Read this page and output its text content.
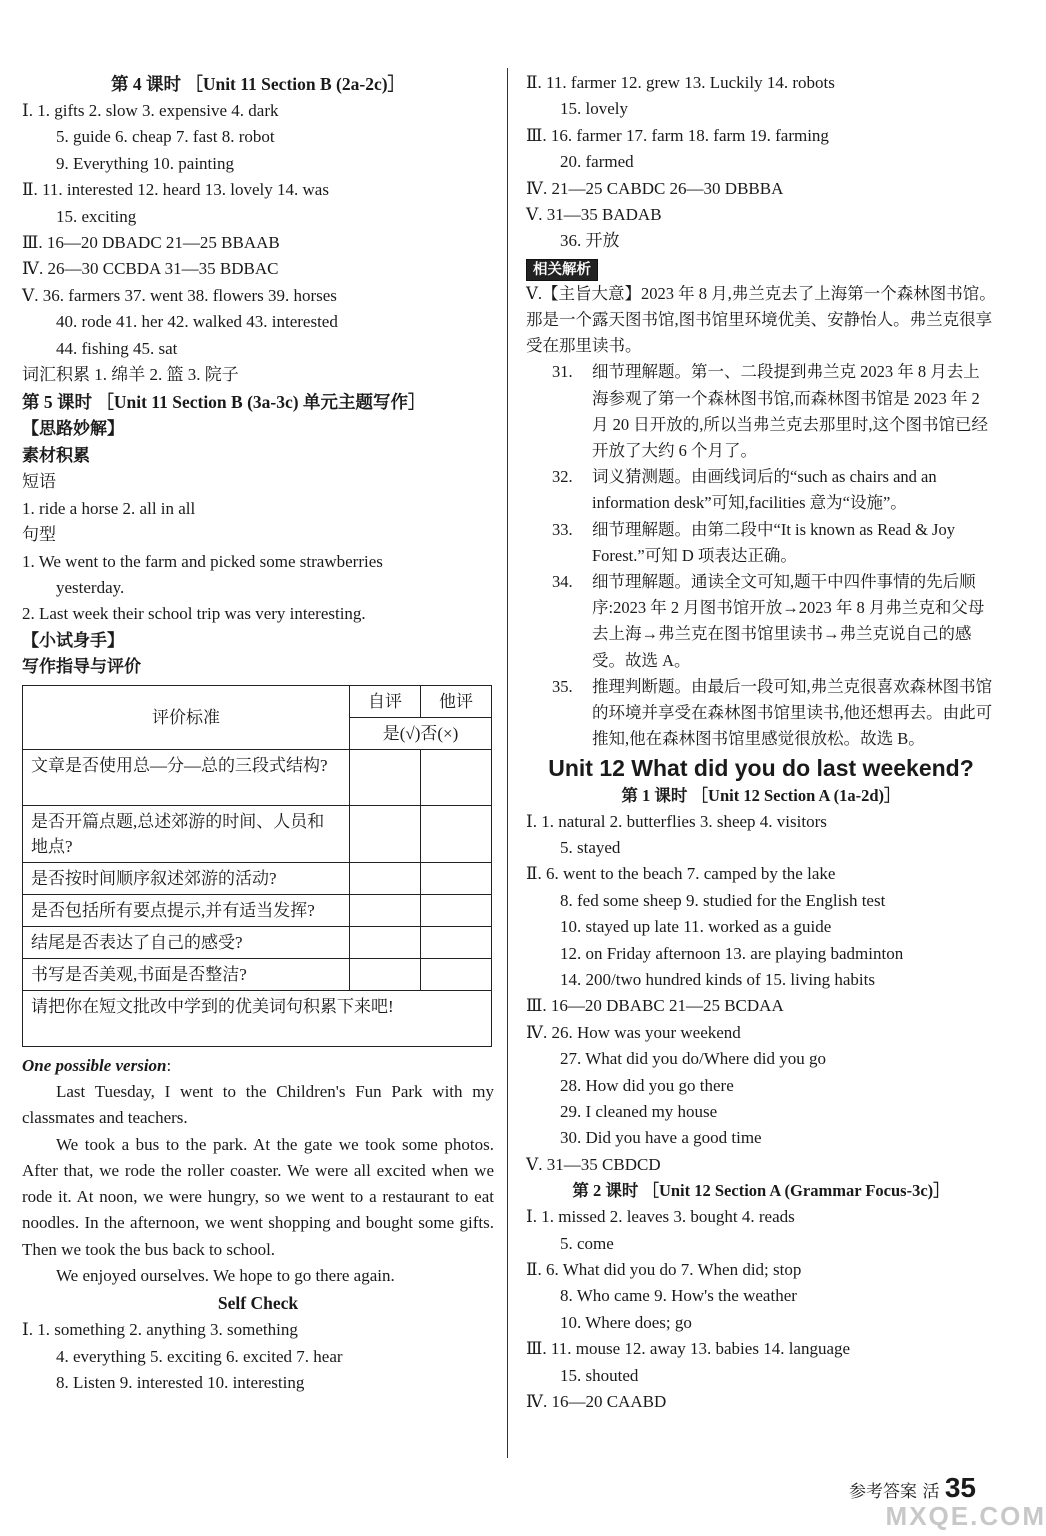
第 4 课时 ［Unit 11 Section B (2a-2c)］
Ⅰ. 1. gifts 2. slow 3. expensive 4. dark
5. guide 6. cheap 7. fast 8. robot
9. Everything 10. painting
Ⅱ. 11. interested 12. heard 13. lovely 14. was
15. exciting
Ⅲ. 16—20 DBADC 21—25 BBAAB
Ⅳ. 26—30 CCBDA 31—35 BDBAC
Ⅴ. 36. farmers 37. went 38. flowers 39. horses
40. rode 41. her 42. walked 43. interested
44. fishing 45. sat
词汇积累 1. 绵羊 2. 篮 3. 院子
第 5 课时 ［Unit 11 Section B (3a-3c) 单元主题写作］
【思路妙解】
素材积累
短语
1. ride a horse 2. all in all
句型
1. We went to the farm and picked some strawberries
yesterday.
2. Last week their school trip was very interesting.
【小试身手】
写作指导与评价
评价标准	自评	他评
	是(√)否(×)	
文章是否使用总—分—总的三段式结构?		
是否开篇点题,总述郊游的时间、人员和地点?		
是否按时间顺序叙述郊游的活动?		
是否包括所有要点提示,并有适当发挥?		
结尾是否表达了自己的感受?		
书写是否美观,书面是否整洁?		
请把你在短文批改中学到的优美词句积累下来吧!		
One possible version:
Last Tuesday, I went to the Children's Fun Park with my classmates and teachers.
We took a bus to the park. At the gate we took some photos. After that, we rode the roller coaster. We were all excited when we rode it. At noon, we were hungry, so we went to a restaurant to eat noodles. In the afternoon, we went shopping and bought some gifts. Then we took the bus back to school.
We enjoyed ourselves. We hope to go there again.
Self Check
Ⅰ. 1. something 2. anything 3. something
4. everything 5. exciting 6. excited 7. hear
8. Listen 9. interested 10. interesting
Ⅱ. 11. farmer 12. grew 13. Luckily 14. robots
15. lovely
Ⅲ. 16. farmer 17. farm 18. farm 19. farming
20. farmed
Ⅳ. 21—25 CABDC 26—30 DBBBA
Ⅴ. 31—35 BADAB
36. 开放
相关解析
Ⅴ.【主旨大意】2023 年 8 月,弗兰克去了上海第一个森林图书馆。那是一个露天图书馆,图书馆里环境优美、安静怡人。弗兰克很享受在那里读书。
31.	细节理解题。第一、二段提到弗兰克 2023 年 8 月去上海参观了第一个森林图书馆,而森林图书馆是 2023 年 2 月 20 日开放的,所以当弗兰克去那里时,这个图书馆已经开放了大约 6 个月了。
32.	词义猜测题。由画线词后的“such as chairs and an information desk”可知,facilities 意为“设施”。
33.	细节理解题。由第二段中“It is known as Read & Joy Forest.”可知 D 项表达正确。
34.	细节理解题。通读全文可知,题干中四件事情的先后顺序:2023 年 2 月图书馆开放→2023 年 8 月弗兰克和父母去上海→弗兰克在图书馆里读书→弗兰克说自己的感受。故选 A。
35.	推理判断题。由最后一段可知,弗兰克很喜欢森林图书馆的环境并享受在森林图书馆里读书,他还想再去。由此可推知,他在森林图书馆里感觉很放松。故选 B。
Unit 12 What did you do last weekend?
第 1 课时 ［Unit 12 Section A (1a-2d)］
Ⅰ. 1. natural 2. butterflies 3. sheep 4. visitors
5. stayed
Ⅱ. 6. went to the beach 7. camped by the lake
8. fed some sheep 9. studied for the English test
10. stayed up late 11. worked as a guide
12. on Friday afternoon 13. are playing badminton
14. 200/two hundred kinds of 15. living habits
Ⅲ. 16—20 DBABC 21—25 BCDAA
Ⅳ. 26. How was your weekend
27. What did you do/Where did you go
28. How did you go there
29. I cleaned my house
30. Did you have a good time
Ⅴ. 31—35 CBDCD
第 2 课时 ［Unit 12 Section A (Grammar Focus-3c)］
Ⅰ. 1. missed 2. leaves 3. bought 4. reads
5. come
Ⅱ. 6. What did you do 7. When did; stop
8. Who came 9. How's the weather
10. Where does; go
Ⅲ. 11. mouse 12. away 13. babies 14. language
15. shouted
Ⅳ. 16—20 CAABD
参考答案 活 35
MXQE.COM
